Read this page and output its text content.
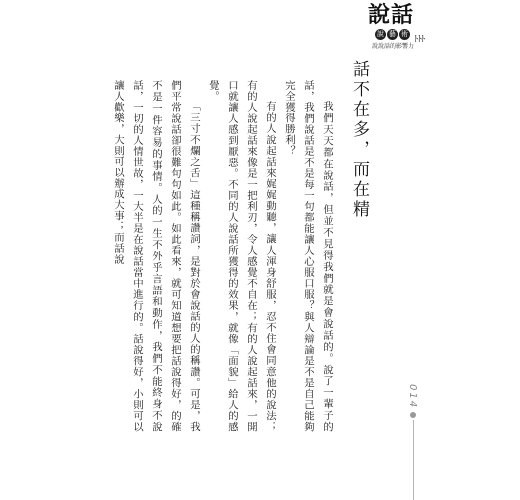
說話
說 藝 術
ﾄﾄﾄ
說說話的影響力
話不在多，而在精

我們天天都在說話，但並不見得我們就是會說話的。說了一輩子的話，我們說話是不是每一句都能讓人心服口服？與人辯論是不是自己能夠完全獲得勝利？

有的人說起話來娓娓動聽，讓人渾身舒服，忍不住會同意他的說法；有的人說起話來像是一把利刃，令人感覺不自在；有的人說起話來，一開口就讓人感到厭惡。不同的人說話所獲得的效果，就像「面貌」給人的感覺。

「三寸不爛之舌」這種稱讚詞，是對於會說話的人的稱讚。可是，我們平常說話卻很難句句如此。如此看來，就可知道想要把話說得好，的確不是一件容易的事情。人的一生不外乎言語和動作，我們不能終身不說話，一切的人情世故，一大半是在說話當中進行的。話說得好，小則可以讓人歡樂，大則可以辦成大事；而話說

014
